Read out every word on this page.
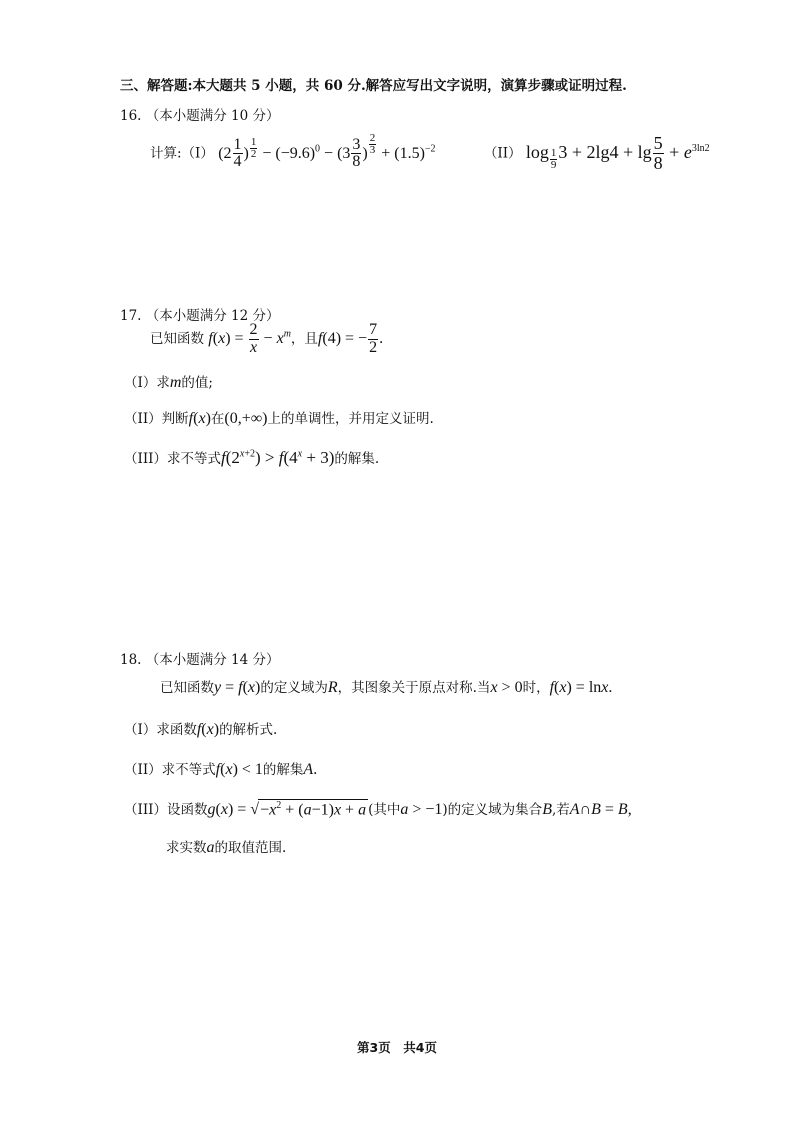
三、解答题:本大题共 5 小题，共 60 分.解答应写出文字说明，演算步骤或证明过程.
16. （本小题满分 10 分）
计算:（I） ($2 \frac{1}{4}$ ) $^{\frac{1}{2}} - (-9.6)^0 - (3 \frac{3}{8}$ ) $^{\frac{2}{3}} + (1.5)^{-2}$	（II） log $_{\frac{1}{9}}$ $3 + 2\lg 4 + \lg \frac{5}{8} + e^{3ln2}$
17. （本小题满分 12 分）
已知函数 $f(x) = \frac{2}{x} - x^m$，且f(4) = − $\frac{7}{2}$ .
（I）求m的值;
（II）判断f(x)在(0,+∞)上的单调性，并用定义证明.
（III）求不等式$f(2^{x+2}) > f(4^x + 3)$的解集.
18. （本小题满分 14 分）
已知函数y = f(x)的定义域为R，其图象关于原点对称.当x > 0时，f(x) = lnx.
（I）求函数f(x)的解析式.
（II）求不等式f(x) < 1的解集A.
（III）设函数$g(x) = √-x^2 + (a-1)x + a$ (其中a > −1)的定义域为集合B,若A∩B = B,
求实数a的取值范围.
第3页　共4页
